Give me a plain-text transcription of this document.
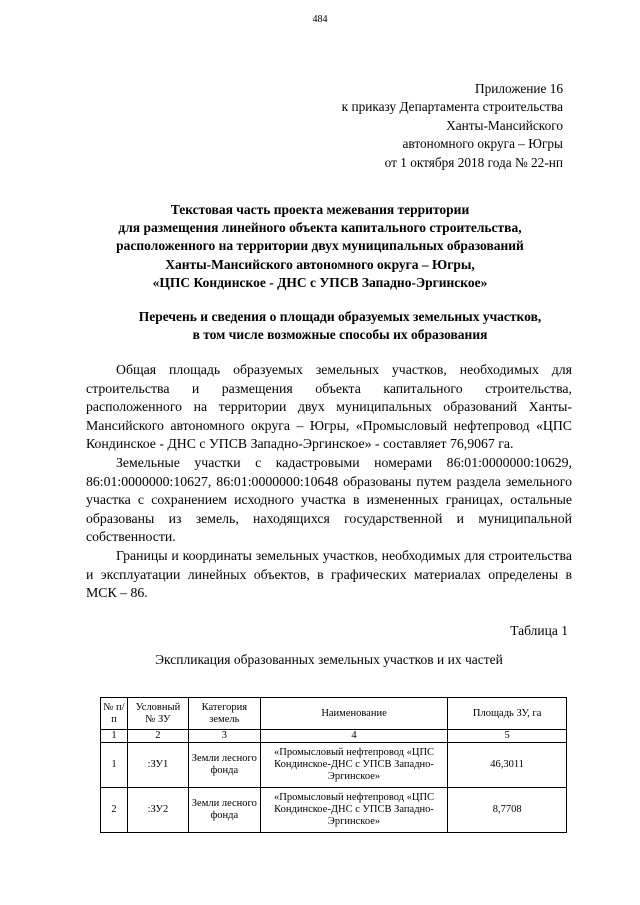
484
Приложение 16
к приказу Департамента строительства
Ханты-Мансийского
автономного округа – Югры
от 1 октября 2018 года № 22-нп
Текстовая часть проекта межевания территории
для размещения линейного объекта капитального строительства,
расположенного на территории двух муниципальных образований
Ханты-Мансийского автономного округа – Югры,
«ЦПС Кондинское - ДНС с УПСВ Западно-Эргинское»
Перечень и сведения о площади образуемых земельных участков,
в том числе возможные способы их образования

Общая площадь образуемых земельных участков, необходимых для строительства и размещения объекта капитального строительства, расположенного на территории двух муниципальных образований Ханты-Мансийского автономного округа – Югры, «Промысловый нефтепровод «ЦПС Кондинское - ДНС с УПСВ Западно-Эргинское» - составляет 76,9067 га.

Земельные участки с кадастровыми номерами 86:01:0000000:10629, 86:01:0000000:10627, 86:01:0000000:10648 образованы путем раздела земельного участка с сохранением исходного участка в измененных границах, остальные образованы из земель, находящихся государственной и муниципальной собственности.

Границы и координаты земельных участков, необходимых для строительства и эксплуатации линейных объектов, в графических материалах определены в МСК – 86.

Таблица 1
Экспликация образованных земельных участков и их частей
№ п/п	Условный № ЗУ	Категория земель	Наименование	Площадь ЗУ, га
1	2	3	4	5
1	:ЗУ1	Земли лесного фонда	«Промысловый нефтепровод «ЦПС Кондинское-ДНС с УПСВ Западно-Эргинское»	46,3011
2	:ЗУ2	Земли лесного фонда	«Промысловый нефтепровод «ЦПС Кондинское-ДНС с УПСВ Западно-Эргинское»	8,7708
